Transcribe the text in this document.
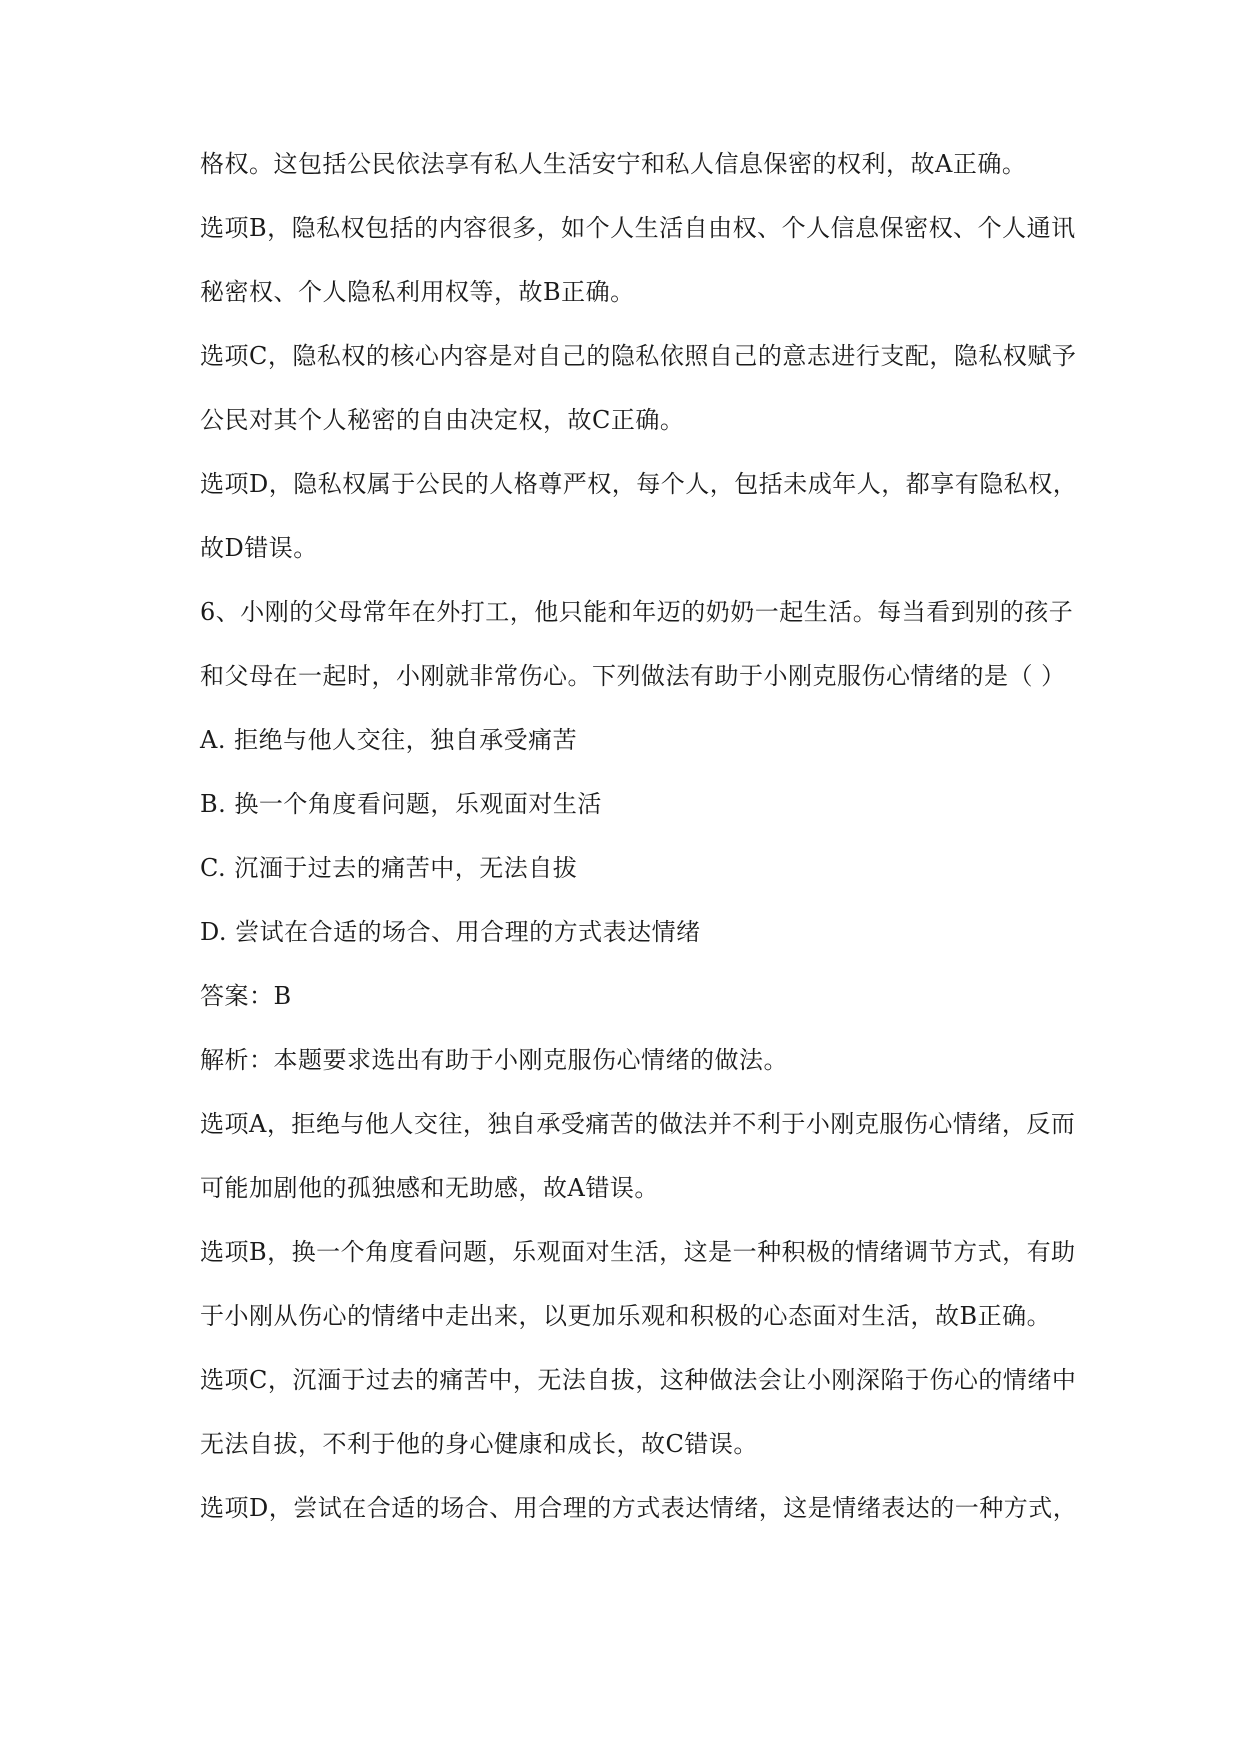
格权。这包括公民依法享有私人生活安宁和私人信息保密的权利，故A正确。
选项B，隐私权包括的内容很多，如个人生活自由权、个人信息保密权、个人通讯
秘密权、个人隐私利用权等，故B正确。
选项C，隐私权的核心内容是对自己的隐私依照自己的意志进行支配，隐私权赋予
公民对其个人秘密的自由决定权，故C正确。
选项D，隐私权属于公民的人格尊严权，每个人，包括未成年人，都享有隐私权，
故D错误。
6、小刚的父母常年在外打工，他只能和年迈的奶奶一起生活。每当看到别的孩子
和父母在一起时，小刚就非常伤心。下列做法有助于小刚克服伤心情绪的是（ ）
A. 拒绝与他人交往，独自承受痛苦
B. 换一个角度看问题，乐观面对生活
C. 沉湎于过去的痛苦中，无法自拔
D. 尝试在合适的场合、用合理的方式表达情绪
答案：B
解析：本题要求选出有助于小刚克服伤心情绪的做法。
选项A，拒绝与他人交往，独自承受痛苦的做法并不利于小刚克服伤心情绪，反而
可能加剧他的孤独感和无助感，故A错误。
选项B，换一个角度看问题，乐观面对生活，这是一种积极的情绪调节方式，有助
于小刚从伤心的情绪中走出来，以更加乐观和积极的心态面对生活，故B正确。
选项C，沉湎于过去的痛苦中，无法自拔，这种做法会让小刚深陷于伤心的情绪中
无法自拔，不利于他的身心健康和成长，故C错误。
选项D，尝试在合适的场合、用合理的方式表达情绪，这是情绪表达的一种方式，
